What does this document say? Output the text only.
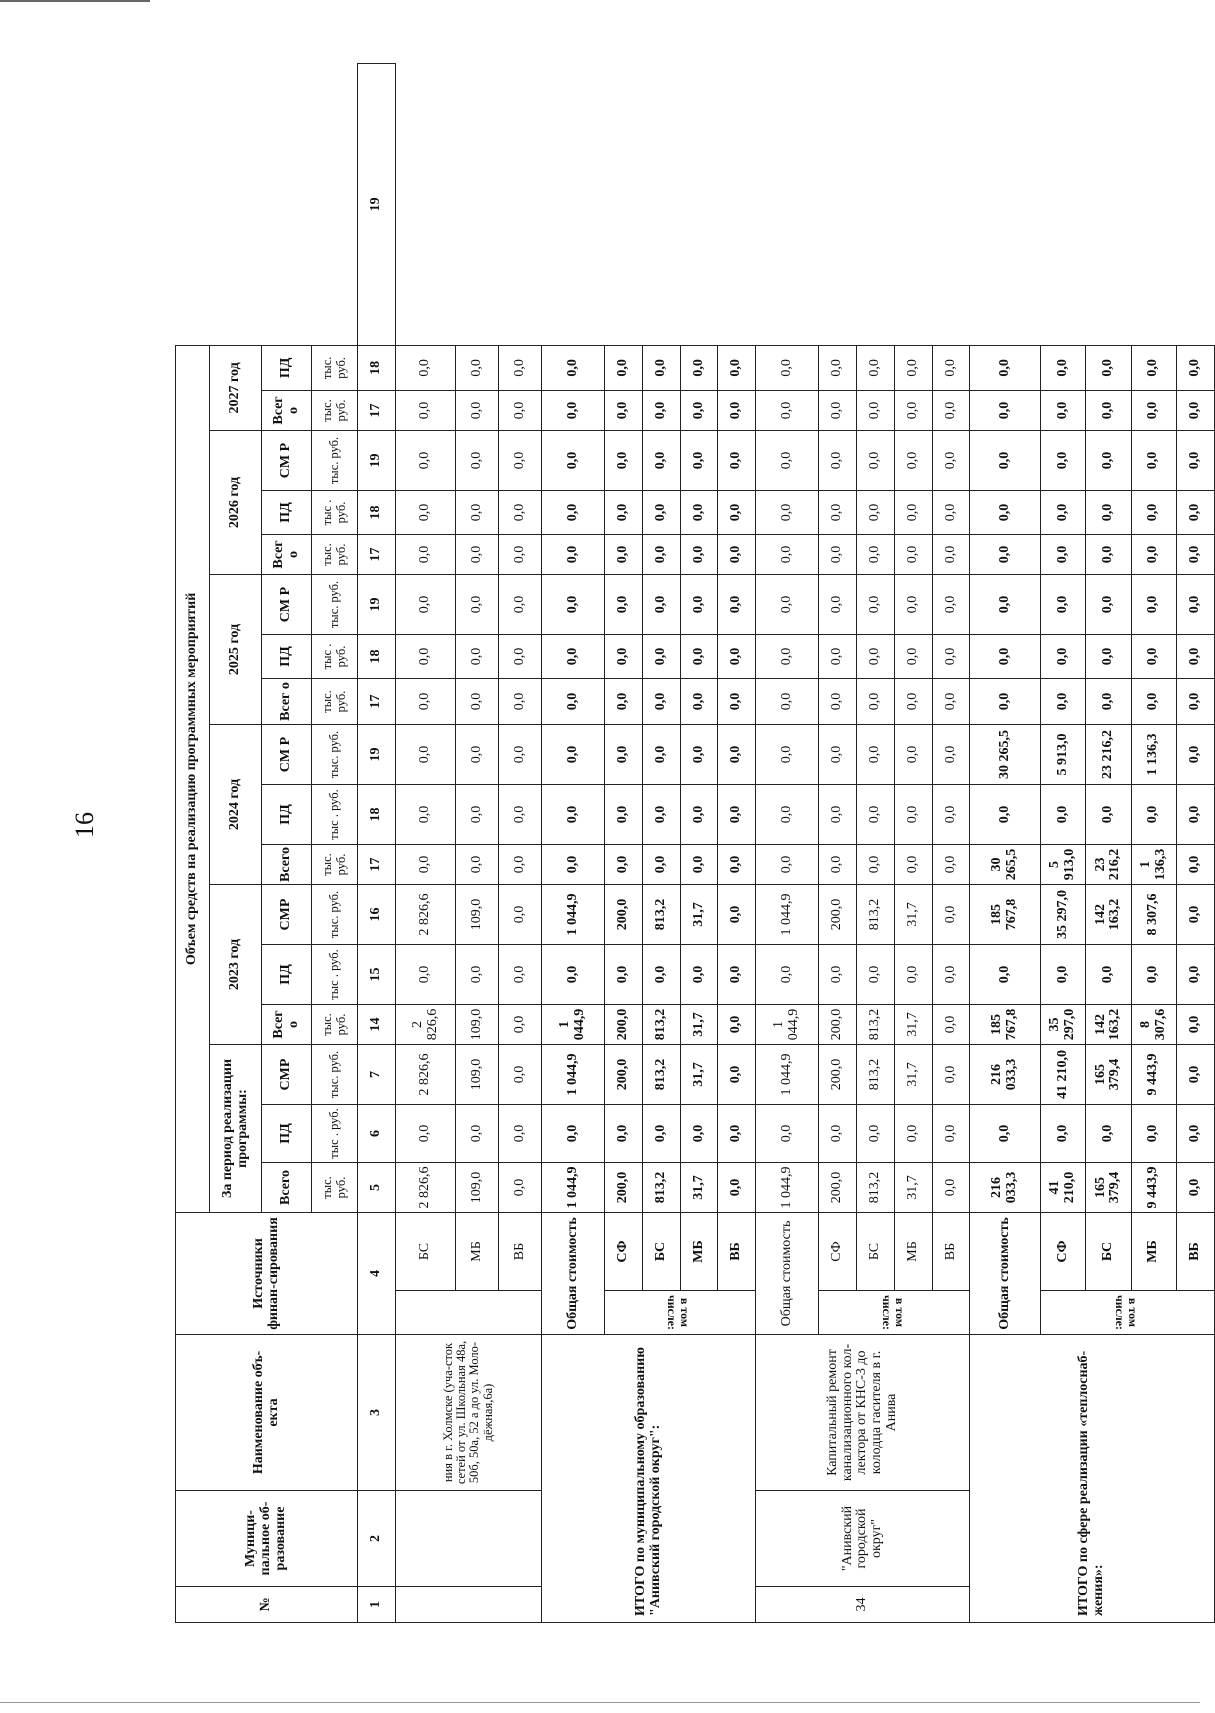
16
№	Муници-пальное об-разование	Наименование объ-екта	Источники финан-сирования		Объем средств на реализацию программных мероприятий																	
					За период реализации программы:			2023 год			2024 год			2025 год			2026 год			2027 год		
					Всего	ПД	СМР	Всег о	ПД	СМР	Всего	ПД	СМ Р	Всег о	ПД	СМ Р	Всег о	ПД	СМ Р	Всег о	ПД	
					тыс. руб.	тыс . руб.	тыс. руб.	тыс. руб.	тыс . руб.	тыс. руб.	тыс. руб.	тыс . руб.	тыс. руб.	тыс. руб.	тыс . руб.	тыс. руб.	тыс. руб.	тыс . руб.	тыс. руб.	тыс. руб.	тыс. руб.	
1	2	3	4		5	6	7	14	15	16	17	18	19	17	18	19	17	18	19	17	18	19
		ния в г. Холмске (уча-сток сетей от ул. Школьная 48а, 50б, 50а, 52 а до ул. Моло-дёжная,6а)		БС	2 826,6	0,0	2 826,6	2 826,6	0,0	2 826,6	0,0	0,0	0,0	0,0	0,0	0,0	0,0	0,0	0,0	0,0	0,0	
				МБ	109,0	0,0	109,0	109,0	0,0	109,0	0,0	0,0	0,0	0,0	0,0	0,0	0,0	0,0	0,0	0,0	0,0	
				ВБ	0,0	0,0	0,0	0,0	0,0	0,0	0,0	0,0	0,0	0,0	0,0	0,0	0,0	0,0	0,0	0,0	0,0	
ИТОГО по муниципальному образованию "Анивский городской округ":			Общая стоимость		1 044,9	0,0	1 044,9	1 044,9	0,0	1 044,9	0,0	0,0	0,0	0,0	0,0	0,0	0,0	0,0	0,0	0,0	0,0	
			в том числе:	СФ	200,0	0,0	200,0	200,0	0,0	200,0	0,0	0,0	0,0	0,0	0,0	0,0	0,0	0,0	0,0	0,0	0,0	
				БС	813,2	0,0	813,2	813,2	0,0	813,2	0,0	0,0	0,0	0,0	0,0	0,0	0,0	0,0	0,0	0,0	0,0	
				МБ	31,7	0,0	31,7	31,7	0,0	31,7	0,0	0,0	0,0	0,0	0,0	0,0	0,0	0,0	0,0	0,0	0,0	
				ВБ	0,0	0,0	0,0	0,0	0,0	0,0	0,0	0,0	0,0	0,0	0,0	0,0	0,0	0,0	0,0	0,0	0,0	
34	"Анивский городской округ"	Капитальный ремонт канализационного кол-лектора от КНС-3 до колодца гасителя в г. Анива	Общая стоимость		1 044,9	0,0	1 044,9	1 044,9	0,0	1 044,9	0,0	0,0	0,0	0,0	0,0	0,0	0,0	0,0	0,0	0,0	0,0	
			в том числе:	СФ	200,0	0,0	200,0	200,0	0,0	200,0	0,0	0,0	0,0	0,0	0,0	0,0	0,0	0,0	0,0	0,0	0,0	
				БС	813,2	0,0	813,2	813,2	0,0	813,2	0,0	0,0	0,0	0,0	0,0	0,0	0,0	0,0	0,0	0,0	0,0	
				МБ	31,7	0,0	31,7	31,7	0,0	31,7	0,0	0,0	0,0	0,0	0,0	0,0	0,0	0,0	0,0	0,0	0,0	
				ВБ	0,0	0,0	0,0	0,0	0,0	0,0	0,0	0,0	0,0	0,0	0,0	0,0	0,0	0,0	0,0	0,0	0,0	
ИТОГО по сфере реализации «теплоснаб-жения»:			Общая стоимость		216 033,3	0,0	216 033,3	185 767,8	0,0	185 767,8	30 265,5	0,0	30 265,5	0,0	0,0	0,0	0,0	0,0	0,0	0,0	0,0	
			в том числе:	СФ	41 210,0	0,0	41 210,0	35 297,0	0,0	35 297,0	5 913,0	0,0	5 913,0	0,0	0,0	0,0	0,0	0,0	0,0	0,0	0,0	
				БС	165 379,4	0,0	165 379,4	142 163,2	0,0	142 163,2	23 216,2	0,0	23 216,2	0,0	0,0	0,0	0,0	0,0	0,0	0,0	0,0	
				МБ	9 443,9	0,0	9 443,9	8 307,6	0,0	8 307,6	1 136,3	0,0	1 136,3	0,0	0,0	0,0	0,0	0,0	0,0	0,0	0,0	
				ВБ	0,0	0,0	0,0	0,0	0,0	0,0	0,0	0,0	0,0	0,0	0,0	0,0	0,0	0,0	0,0	0,0	0,0	
